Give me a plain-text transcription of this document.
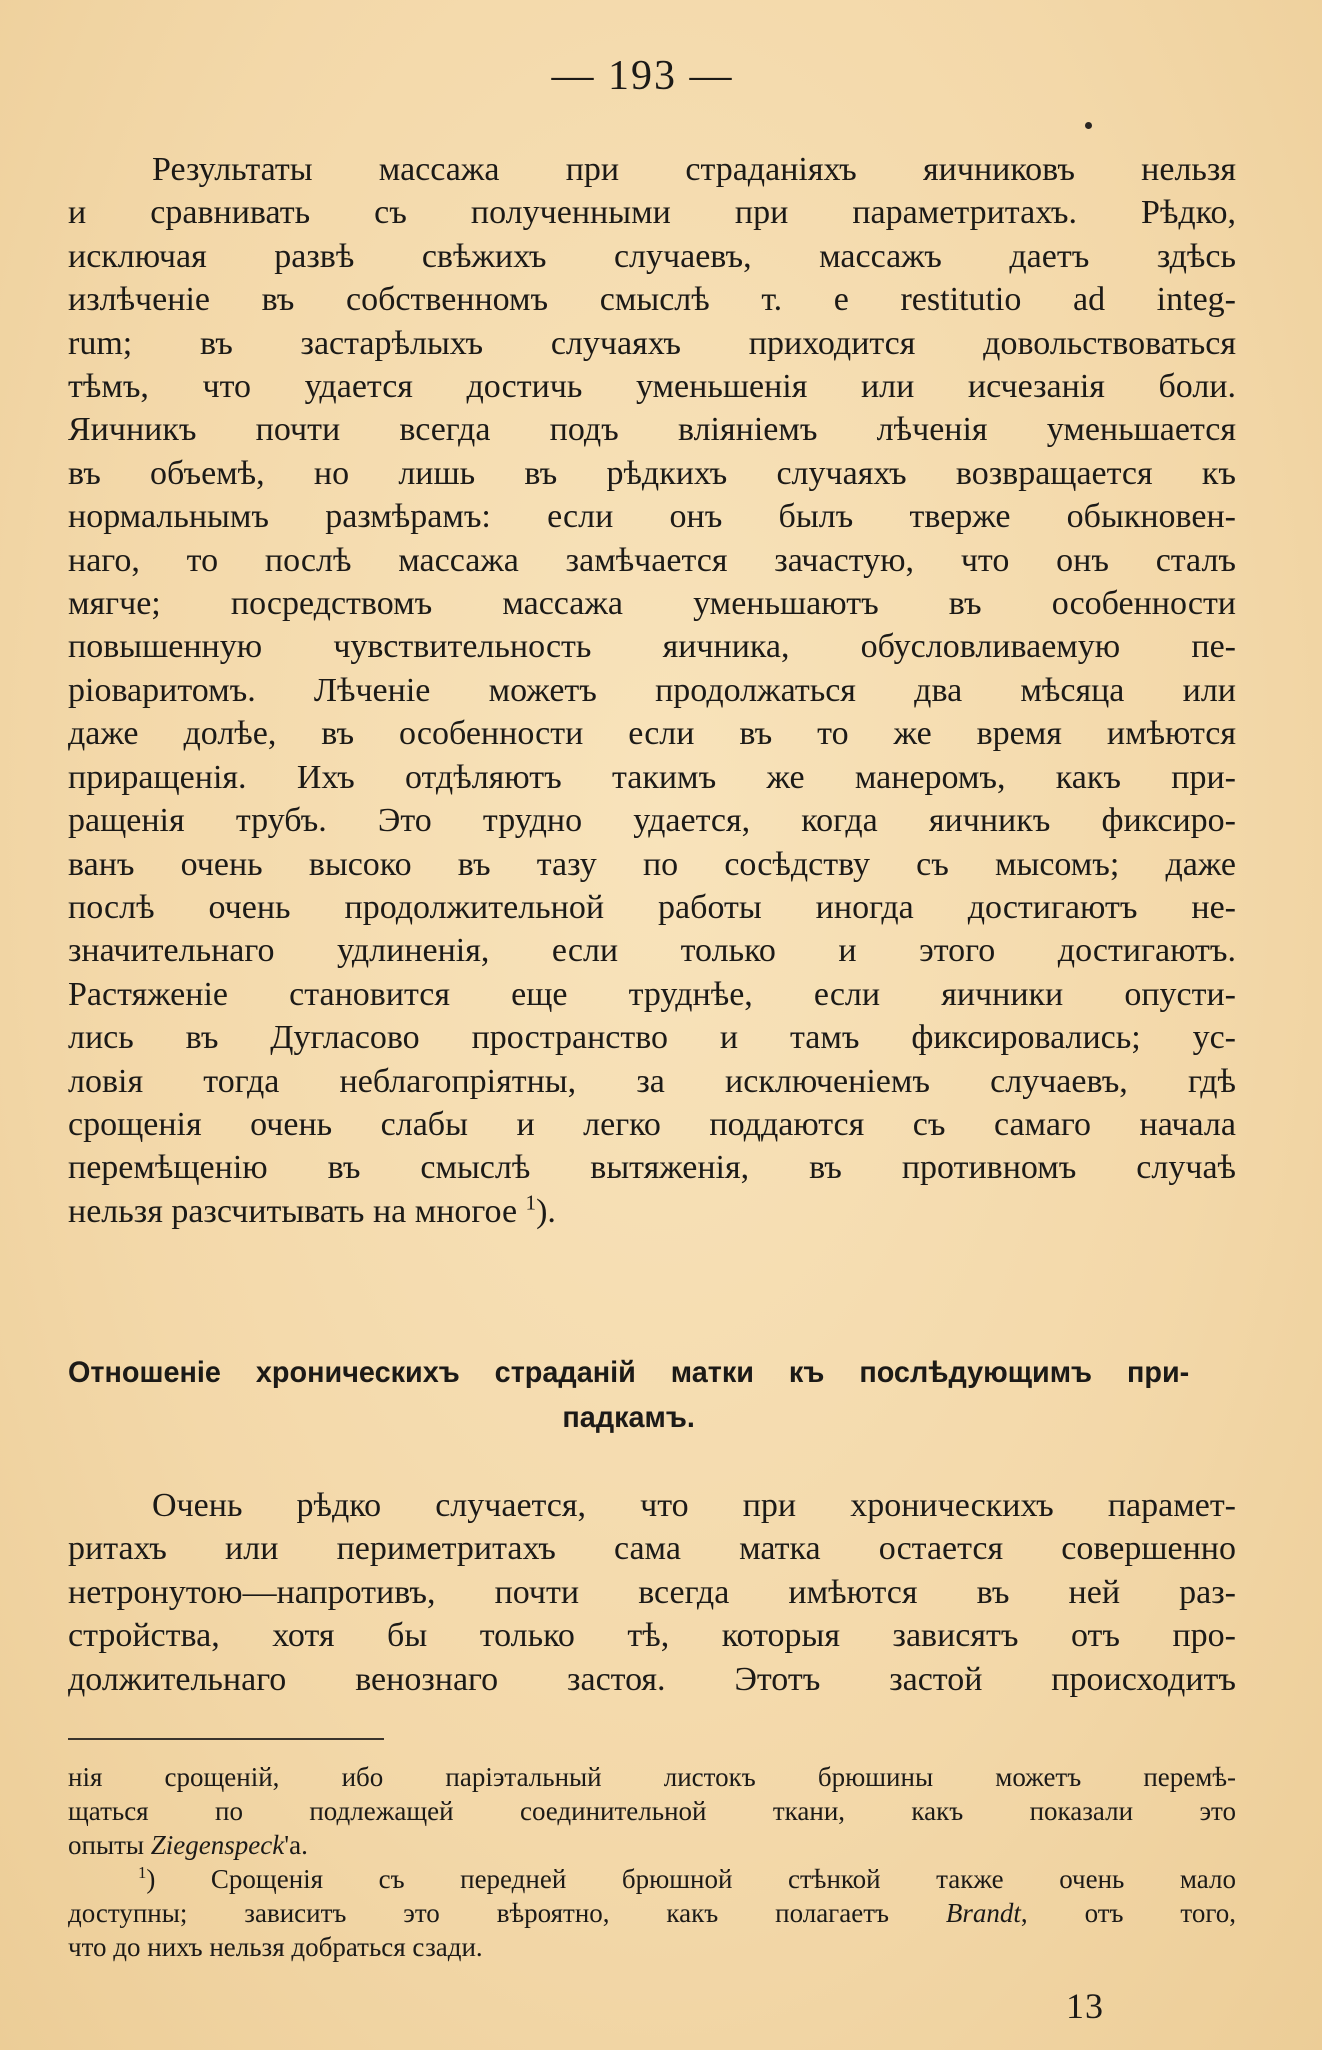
— 193 —
Результаты массажа при страданіяхъ яичниковъ нельзя
и сравнивать съ полученными при параметритахъ. Рѣдко,
исключая развѣ свѣжихъ случаевъ, массажъ даетъ здѣсь
излѣченіе въ собственномъ смыслѣ т. е restitutio ad integ-
rum; въ застарѣлыхъ случаяхъ приходится довольствоваться
тѣмъ, что удается достичь уменьшенія или исчезанія боли.
Яичникъ почти всегда подъ вліяніемъ лѣченія уменьшается
въ объемѣ, но лишь въ рѣдкихъ случаяхъ возвращается къ
нормальнымъ размѣрамъ: если онъ былъ тверже обыкновен-
наго, то послѣ массажа замѣчается зачастую, что онъ сталъ
мягче; посредствомъ массажа уменьшаютъ въ особенности
повышенную чувствительность яичника, обусловливаемую пе-
ріоваритомъ. Лѣченіе можетъ продолжаться два мѣсяца или
даже долѣе, въ особенности если въ то же время имѣются
приращенія. Ихъ отдѣляютъ такимъ же манеромъ, какъ при-
ращенія трубъ. Это трудно удается, когда яичникъ фиксиро-
ванъ очень высоко въ тазу по сосѣдству съ мысомъ; даже
послѣ очень продолжительной работы иногда достигаютъ не-
значительнаго удлиненія, если только и этого достигаютъ.
Растяженіе становится еще труднѣе, если яичники опусти-
лись въ Дугласово пространство и тамъ фиксировались; ус-
ловія тогда неблагопріятны, за исключеніемъ случаевъ, гдѣ
срощенія очень слабы и легко поддаются съ самаго начала
перемѣщенію въ смыслѣ вытяженія, въ противномъ случаѣ
нельзя разсчитывать на многое $^1$).
Отношеніе хроническихъ страданій матки къ послѣдующимъ при-
падкамъ.
Очень рѣдко случается, что при хроническихъ парамет-
ритахъ или периметритахъ сама матка остается совершенно
нетронутою—напротивъ, почти всегда имѣются въ ней раз-
стройства, хотя бы только тѣ, которыя зависятъ отъ про-
должительнаго венознаго застоя. Этотъ застой происходитъ
нія срощеній, ибо паріэтальный листокъ брюшины можетъ перемѣ-
щаться по подлежащей соединительной ткани, какъ показали это
опыты Ziegenspeck'а.
$^1$) Срощенія съ передней брюшной стѣнкой также очень мало
доступны; зависитъ это вѣроятно, какъ полагаетъ Brandt, отъ того,
что до нихъ нельзя добраться сзади.
13
